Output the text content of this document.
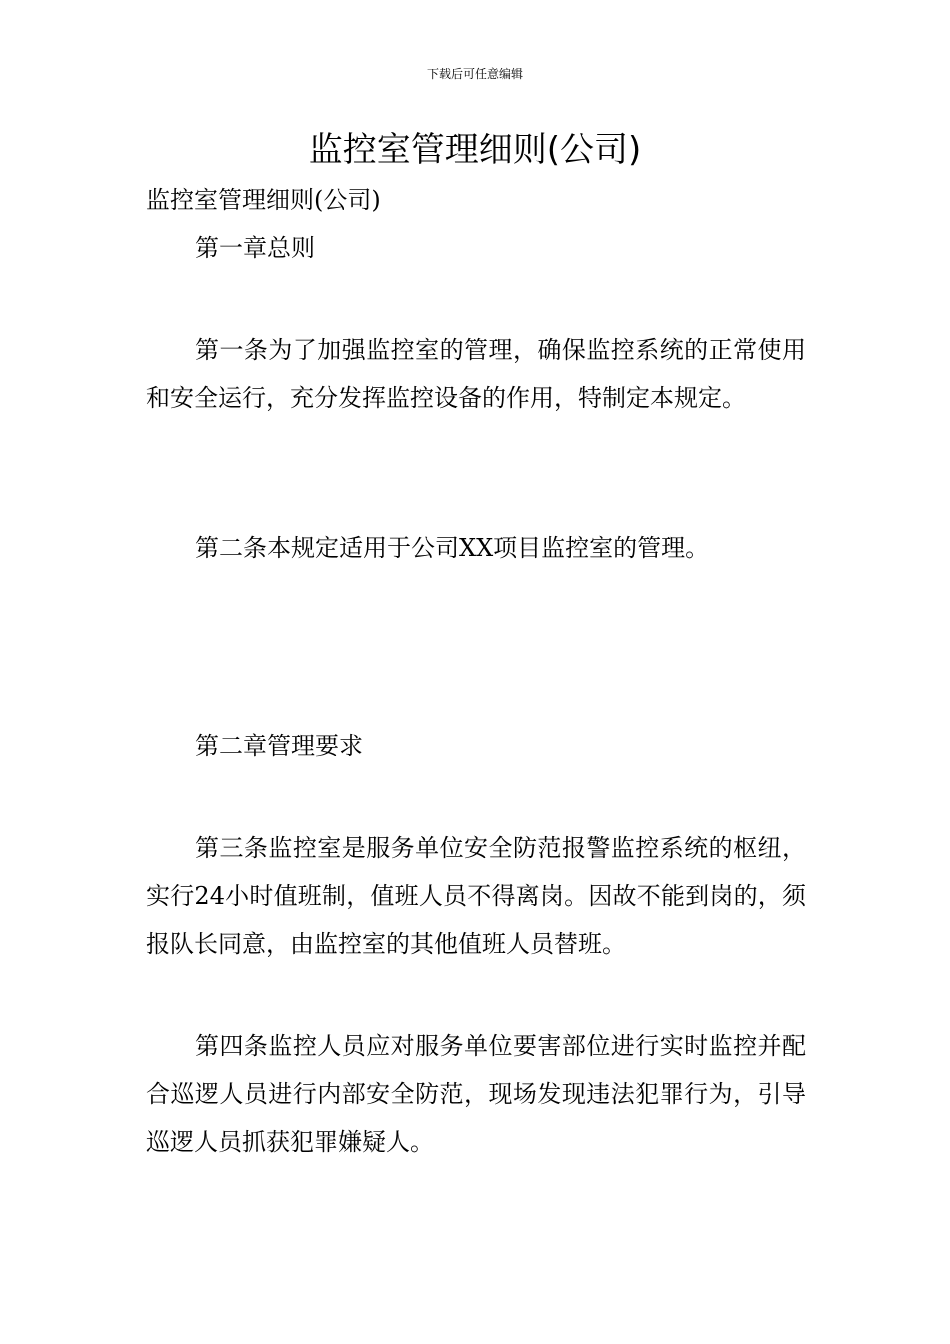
下载后可任意编辑
监控室管理细则(公司)
监控室管理细则(公司)
第一章总则

第一条为了加强监控室的管理，确保监控系统的正常使用和安全运行，充分发挥监控设备的作用，特制定本规定。

第二条本规定适用于公司XX项目监控室的管理。

第二章管理要求

第三条监控室是服务单位安全防范报警监控系统的枢纽，实行24小时值班制，值班人员不得离岗。因故不能到岗的，须报队长同意，由监控室的其他值班人员替班。

第四条监控人员应对服务单位要害部位进行实时监控并配合巡逻人员进行内部安全防范，现场发现违法犯罪行为，引导巡逻人员抓获犯罪嫌疑人。
